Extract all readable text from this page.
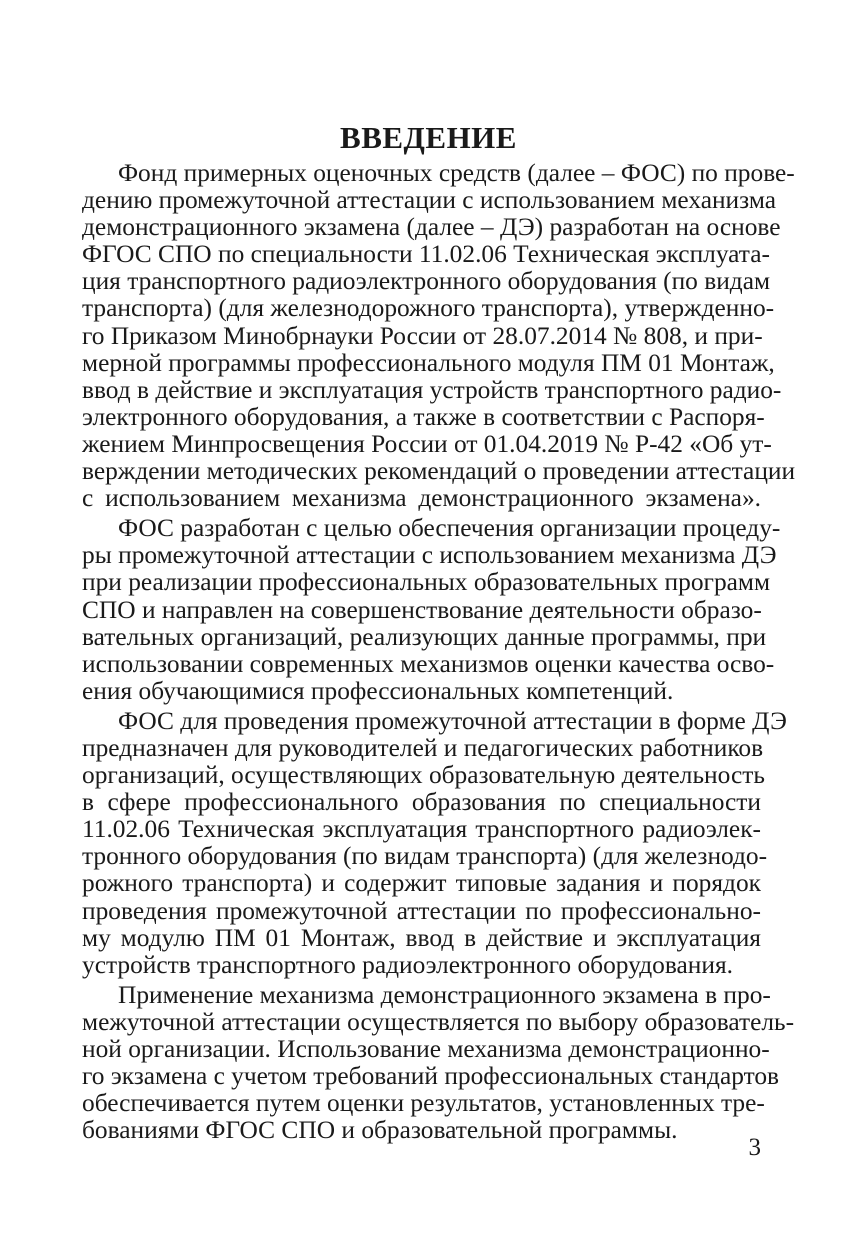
ВВЕДЕНИЕ

Фонд примерных оценочных средств (далее – ФОС) по прове-
дению промежуточной аттестации с использованием механизма
демонстрационного экзамена (далее – ДЭ) разработан на основе
ФГОС СПО по специальности 11.02.06 Техническая эксплуата-
ция транспортного радиоэлектронного оборудования (по видам
транспорта) (для железнодорожного транспорта), утвержденно-
го Приказом Минобрнауки России от 28.07.2014 № 808, и при-
мерной программы профессионального модуля ПМ 01 Монтаж,
ввод в действие и эксплуатация устройств транспортного радио-
электронного оборудования, а также в соответствии с Распоря-
жением Минпросвещения России от 01.04.2019 № Р-42 «Об ут-
верждении методических рекомендаций о проведении аттестации
с использованием механизма демонстрационного экзамена».

ФОС разработан с целью обеспечения организации процеду-
ры промежуточной аттестации с использованием механизма ДЭ
при реализации профессиональных образовательных программ
СПО и направлен на совершенствование деятельности образо-
вательных организаций, реализующих данные программы, при
использовании современных механизмов оценки качества осво-
ения обучающимися профессиональных компетенций.

ФОС для проведения промежуточной аттестации в форме ДЭ
предназначен для руководителей и педагогических работников
организаций, осуществляющих образовательную деятельность
в сфере профессионального образования по специальности
11.02.06 Техническая эксплуатация транспортного радиоэлек-
тронного оборудования (по видам транспорта) (для железнодо-
рожного транспорта) и содержит типовые задания и порядок
проведения промежуточной аттестации по профессионально-
му модулю ПМ 01 Монтаж, ввод в действие и эксплуатация
устройств транспортного радиоэлектронного оборудования.

Применение механизма демонстрационного экзамена в про-
межуточной аттестации осуществляется по выбору образователь-
ной организации. Использование механизма демонстрационно-
го экзамена с учетом требований профессиональных стандартов
обеспечивается путем оценки результатов, установленных тре-
бованиями ФГОС СПО и образовательной программы.

3
